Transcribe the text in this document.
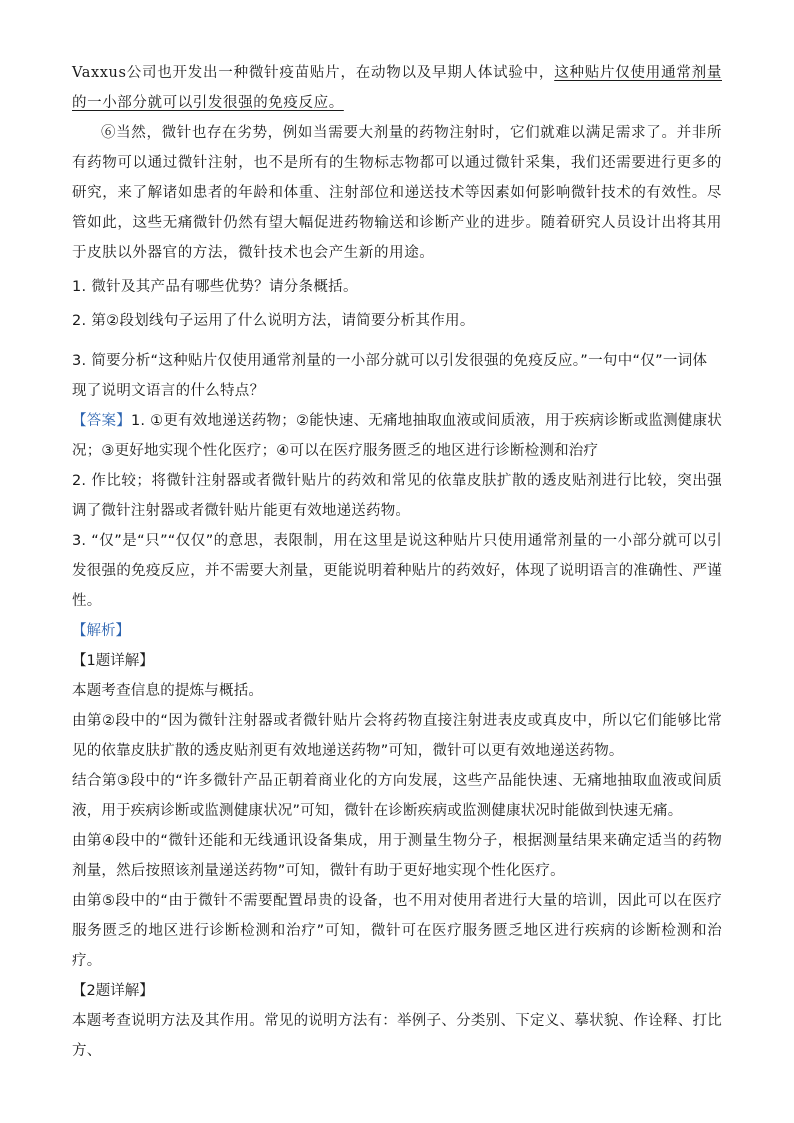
Vaxxus公司也开发出一种微针疫苗贴片，在动物以及早期人体试验中，这种贴片仅使用通常剂量的一小部分就可以引发很强的免疫反应。

⑥当然，微针也存在劣势，例如当需要大剂量的药物注射时，它们就难以满足需求了。并非所有药物可以通过微针注射，也不是所有的生物标志物都可以通过微针采集，我们还需要进行更多的研究，来了解诸如患者的年龄和体重、注射部位和递送技术等因素如何影响微针技术的有效性。尽管如此，这些无痛微针仍然有望大幅促进药物输送和诊断产业的进步。随着研究人员设计出将其用于皮肤以外器官的方法，微针技术也会产生新的用途。

1. 微针及其产品有哪些优势？请分条概括。

2. 第②段划线句子运用了什么说明方法，请简要分析其作用。

3. 简要分析“这种贴片仅使用通常剂量的一小部分就可以引发很强的免疫反应。”一句中“仅”一词体现了说明文语言的什么特点？

【答案】1. ①更有效地递送药物；②能快速、无痛地抽取血液或间质液，用于疾病诊断或监测健康状况；③更好地实现个性化医疗；④可以在医疗服务匮乏的地区进行诊断检测和治疗

2. 作比较；将微针注射器或者微针贴片的药效和常见的依靠皮肤扩散的透皮贴剂进行比较，突出强调了微针注射器或者微针贴片能更有效地递送药物。

3. “仅”是“只”“仅仅”的意思，表限制，用在这里是说这种贴片只使用通常剂量的一小部分就可以引发很强的免疫反应，并不需要大剂量，更能说明着种贴片的药效好，体现了说明语言的准确性、严谨性。

【解析】

【1题详解】

本题考查信息的提炼与概括。

由第②段中的“因为微针注射器或者微针贴片会将药物直接注射进表皮或真皮中，所以它们能够比常见的依靠皮肤扩散的透皮贴剂更有效地递送药物”可知，微针可以更有效地递送药物。

结合第③段中的“许多微针产品正朝着商业化的方向发展，这些产品能快速、无痛地抽取血液或间质液，用于疾病诊断或监测健康状况”可知，微针在诊断疾病或监测健康状况时能做到快速无痛。

由第④段中的“微针还能和无线通讯设备集成，用于测量生物分子，根据测量结果来确定适当的药物剂量，然后按照该剂量递送药物”可知，微针有助于更好地实现个性化医疗。

由第⑤段中的“由于微针不需要配置昂贵的设备，也不用对使用者进行大量的培训，因此可以在医疗服务匮乏的地区进行诊断检测和治疗”可知，微针可在医疗服务匮乏地区进行疾病的诊断检测和治疗。

【2题详解】

本题考查说明方法及其作用。常见的说明方法有：举例子、分类别、下定义、摹状貌、作诠释、打比方、
